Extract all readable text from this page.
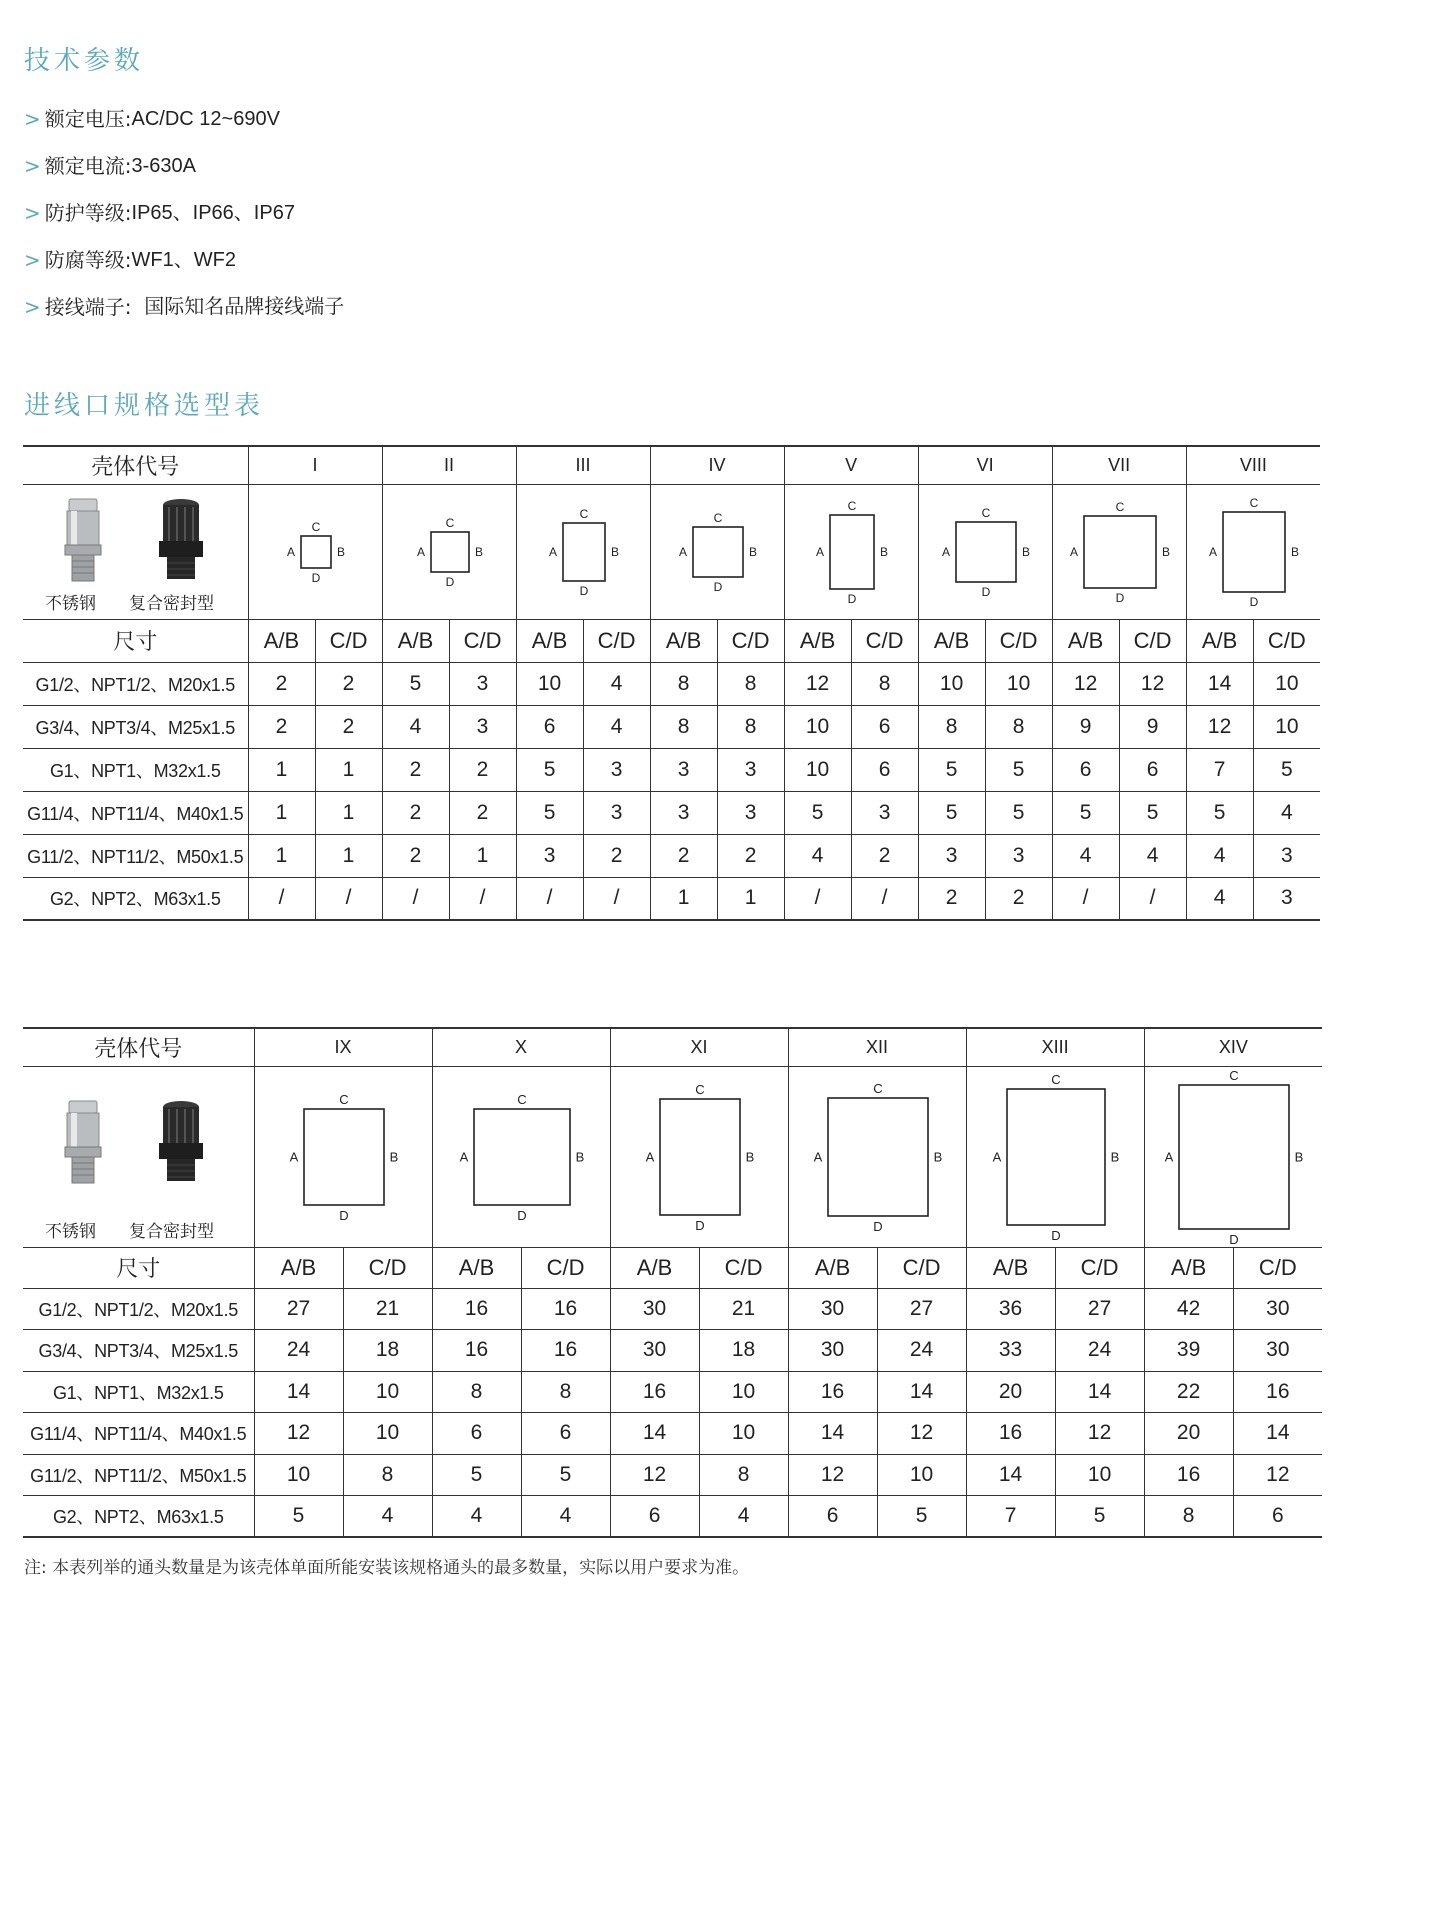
技术参数
> 额定电压 : AC/DC 12~690V
> 额定电流 : 3-630A
> 防护等级 : IP65、IP66、IP67
> 防腐等级 : WF1、WF2
> 接线端子 : 国际知名品牌接线端子
进线口规格选型表
壳体代号	I		II		III		IV		V		VI		VII		VIII	

不锈钢 复合密封型	A B
C
D		A B
C
D		A B
C
D		A B
C
D		A B
C
D		A B
C
D		A B
C
D		A B
C
D	

尺寸	A/B	C/D	A/B	C/D	A/B	C/D	A/B	C/D	A/B	C/D	A/B	C/D	A/B	C/D	A/B	C/D
G1/2、NPT1/2、M20x1.5	2	2	5	3	10	4	8	8	12	8	10	10	12	12	14	10
G3/4、NPT3/4、M25x1.5	2	2	4	3	6	4	8	8	10	6	8	8	9	9	12	10
G1、NPT1、M32x1.5	1	1	2	2	5	3	3	3	10	6	5	5	6	6	7	5
G11/4、NPT11/4、M40x1.5	1	1	2	2	5	3	3	3	5	3	5	5	5	5	5	4
G11/2、NPT11/2、M50x1.5	1	1	2	1	3	2	2	2	4	2	3	3	4	4	4	3
G2、NPT2、M63x1.5	/	/	/	/	/	/	1	1	/	/	2	2	/	/	4	3
壳体代号	IX		X		XI		XII		XIII		XIV	

不锈钢 复合密封型	A B
C
D		A B
C
D		A B
C
D		A B
C
D		A B
C
D		A B
C
D	

尺寸	A/B	C/D	A/B	C/D	A/B	C/D	A/B	C/D	A/B	C/D	A/B	C/D
G1/2、NPT1/2、M20x1.5	27	21	16	16	30	21	30	27	36	27	42	30
G3/4、NPT3/4、M25x1.5	24	18	16	16	30	18	30	24	33	24	39	30
G1、NPT1、M32x1.5	14	10	8	8	16	10	16	14	20	14	22	16
G11/4、NPT11/4、M40x1.5	12	10	6	6	14	10	14	12	16	12	20	14
G11/2、NPT11/2、M50x1.5	10	8	5	5	12	8	12	10	14	10	16	12
G2、NPT2、M63x1.5	5	4	4	4	6	4	6	5	7	5	8	6

注: 本表列举的通头数量是为该壳体单面所能安装该规格通头的最多数量，实际以用户要求为准。
